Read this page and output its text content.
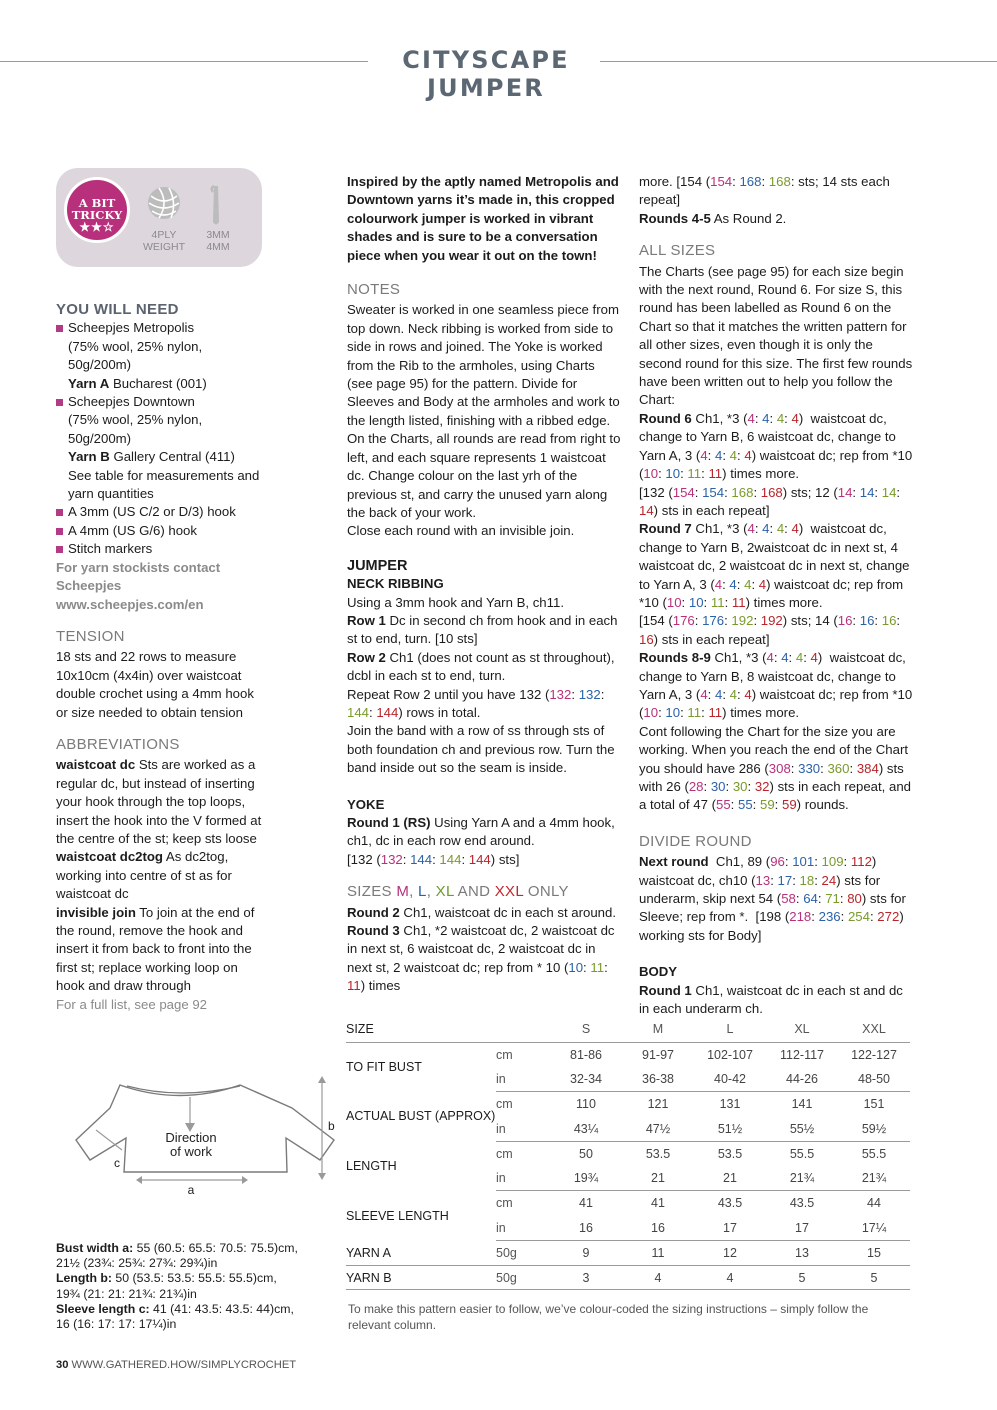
CITYSCAPE JUMPER
A BIT
TRICKY
★★☆
4PLY
WEIGHT
3MM
4MM
YOU WILL NEED
Scheepjes Metropolis
(75% wool, 25% nylon, 50g/200m)
Yarn A Bucharest (001)
Scheepjes Downtown
(75% wool, 25% nylon, 50g/200m)
Yarn B Gallery Central (411)
See table for measurements and yarn quantities
A 3mm (US C/2 or D/3) hook
A 4mm (US G/6) hook
Stitch markers
For yarn stockists contact Scheepjes
www.scheepjes.com/en
TENSION

18 sts and 22 rows to measure 10x10cm (4x4in) over waistcoat double crochet using a 4mm hook or size needed to obtain tension

ABBREVIATIONS

waistcoat dc Sts are worked as a regular dc, but instead of inserting your hook through the top loops, insert the hook into the V formed at the centre of the st; keep sts loose

waistcoat dc2tog As dc2tog, working into centre of st as for waistcoat dc

invisible join To join at the end of the round, remove the hook and insert it from back to front into the first st; replace working loop on hook and draw through

For a full list, see page 92

Inspired by the aptly named Metropolis and Downtown yarns it’s made in, this cropped colourwork jumper is worked in vibrant shades and is sure to be a conversation piece when you wear it out on the town!

NOTES

Sweater is worked in one seamless piece from top down. Neck ribbing is worked from side to side in rows and joined. The Yoke is worked from the Rib to the armholes, using Charts (see page 95) for the pattern. Divide for Sleeves and Body at the armholes and work to the length listed, finishing with a ribbed edge. On the Charts, all rounds are read from right to left, and each square represents 1 waistcoat dc. Change colour on the last yrh of the previous st, and carry the unused yarn along the back of your work.

Close each round with an invisible join.

JUMPER
NECK RIBBING

Using a 3mm hook and Yarn B, ch11.

Row 1 Dc in second ch from hook and in each st to end, turn. [10 sts]

Row 2 Ch1 (does not count as st throughout), dcbl in each st to end, turn.

Repeat Row 2 until you have 132 (132: 132: 144: 144) rows in total.

Join the band with a row of ss through sts of both foundation ch and previous row. Turn the band inside out so the seam is inside.

YOKE

Round 1 (RS) Using Yarn A and a 4mm hook, ch1, dc in each row end around.

[132 (132: 144: 144: 144) sts]

SIZES M, L, XL AND XXL ONLY

Round 2 Ch1, waistcoat dc in each st around.

Round 3 Ch1, *2 waistcoat dc, 2 waistcoat dc in next st, 6 waistcoat dc, 2 waistcoat dc in next st, 2 waistcoat dc; rep from * 10 (10: 11: 11) times

more. [154 (154: 168: 168: sts; 14 sts each repeat]

Rounds 4-5 As Round 2.

ALL SIZES

The Charts (see page 95) for each size begin with the next round, Round 6. For size S, this round has been labelled as Round 6 on the Chart so that it matches the written pattern for all other sizes, even though it is only the second round for this size. The first few rounds have been written out to help you follow the Chart:

Round 6 Ch1, *3 (4: 4: 4: 4)  waistcoat dc, change to Yarn B, 6 waistcoat dc, change to Yarn A, 3 (4: 4: 4: 4) waistcoat dc; rep from *10 (10: 10: 11: 11) times more.

[132 (154: 154: 168: 168) sts; 12 (14: 14: 14: 14) sts in each repeat]

Round 7 Ch1, *3 (4: 4: 4: 4)  waistcoat dc, change to Yarn B, 2waistcoat dc in next st, 4 waistcoat dc, 2 waistcoat dc in next st, change to Yarn A, 3 (4: 4: 4: 4) waistcoat dc; rep from *10 (10: 10: 11: 11) times more.

[154 (176: 176: 192: 192) sts; 14 (16: 16: 16: 16) sts in each repeat]

Rounds 8-9 Ch1, *3 (4: 4: 4: 4)  waistcoat dc, change to Yarn B, 8 waistcoat dc, change to Yarn A, 3 (4: 4: 4: 4) waistcoat dc; rep from *10 (10: 10: 11: 11) times more.

Cont following the Chart for the size you are working. When you reach the end of the Chart you should have 286 (308: 330: 360: 384) sts with 26 (28: 30: 30: 32) sts in each repeat, and a total of 47 (55: 55: 59: 59) rounds.

DIVIDE ROUND

Next round  Ch1, 89 (96: 101: 109: 112) waistcoat dc, ch10 (13: 17: 18: 24) sts for underarm, skip next 54 (58: 64: 71: 80) sts for Sleeve; rep from *.  [198 (218: 236: 254: 272) working sts for Body]

BODY

Round 1 Ch1, waistcoat dc in each st and dc in each underarm ch.

SIZE		S	M	L	XL	XXL
TO FIT BUST	cm	81-86	91-97	102-107	112-117	122-127
	in	32-34	36-38	40-42	44-26	48-50
ACTUAL BUST (APPROX)	cm	110	121	131	141	151
	in	43¼	47½	51½	55½	59½
LENGTH	cm	50	53.5	53.5	55.5	55.5
	in	19¾	21	21	21¾	21¾
SLEEVE LENGTH	cm	41	41	43.5	43.5	44
	in	16	16	17	17	17¼
YARN A	50g	9	11	12	13	15
YARN B	50g	3	4	4	5	5
To make this pattern easier to follow, we’ve colour-coded the sizing instructions – simply follow the relevant column.
Direction
of work
a
b
c
Bust width a: 55 (60.5: 65.5: 70.5: 75.5)cm,
21½ (23¾: 25¾: 27¾: 29¾)in
Length b: 50 (53.5: 53.5: 55.5: 55.5)cm,
19¾ (21: 21: 21¾: 21¾)in
Sleeve length c: 41 (41: 43.5: 43.5: 44)cm,
16 (16: 17: 17: 17¼)in
30 WWW.GATHERED.HOW/SIMPLYCROCHET
